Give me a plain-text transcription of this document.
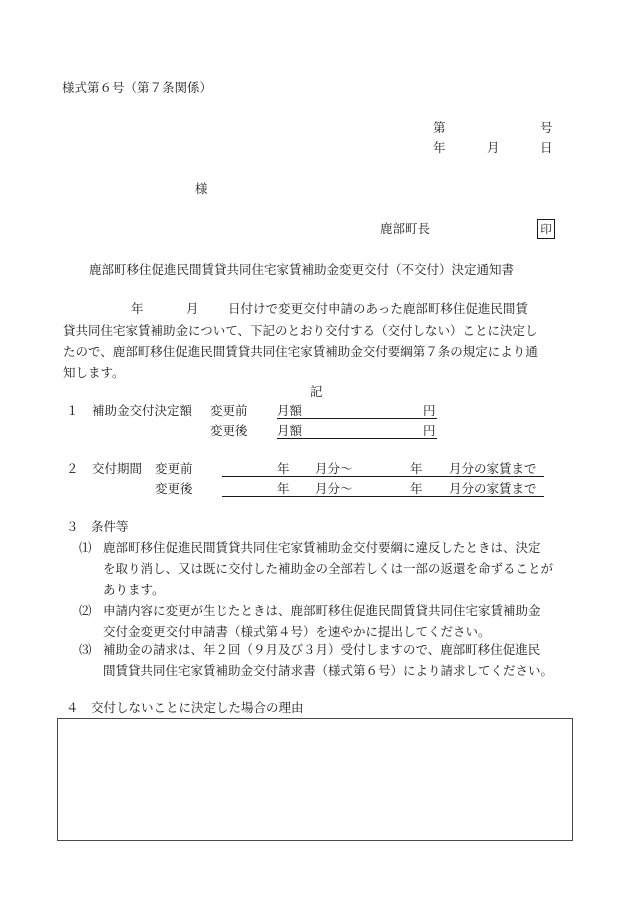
様式第６号（第７条関係）
第	号
年	月	日
様
鹿部町長	印
鹿部町移住促進民間賃貸共同住宅家賃補助金変更交付（不交付）決定通知書
年	月 日付けで変更交付申請のあった鹿部町移住促進民間賃
貸共同住宅家賃補助金について、下記のとおり交付する（交付しない）ことに決定し
たので、鹿部町移住促進民間賃貸共同住宅家賃補助金交付要綱第７条の規定により通
知します。
記
１ 補助金交付決定額 変更前 月額	円
変更後 月額	円
２ 交付期間 変更前	年 月分～	年 月分の家賃まで
変更後	年 月分～	年 月分の家賃まで
３　条件等
⑴ 鹿部町移住促進民間賃貸共同住宅家賃補助金交付要綱に違反したときは、決定
を取り消し、又は既に交付した補助金の全部若しくは一部の返還を命ずることが
あります。
⑵ 申請内容に変更が生じたときは、鹿部町移住促進民間賃貸共同住宅家賃補助金
交付金変更交付申請書（様式第４号）を速やかに提出してください。
⑶ 補助金の請求は、年２回（９月及び３月）受付しますので、鹿部町移住促進民
間賃貸共同住宅家賃補助金交付請求書（様式第６号）により請求してください。
４　交付しないことに決定した場合の理由
